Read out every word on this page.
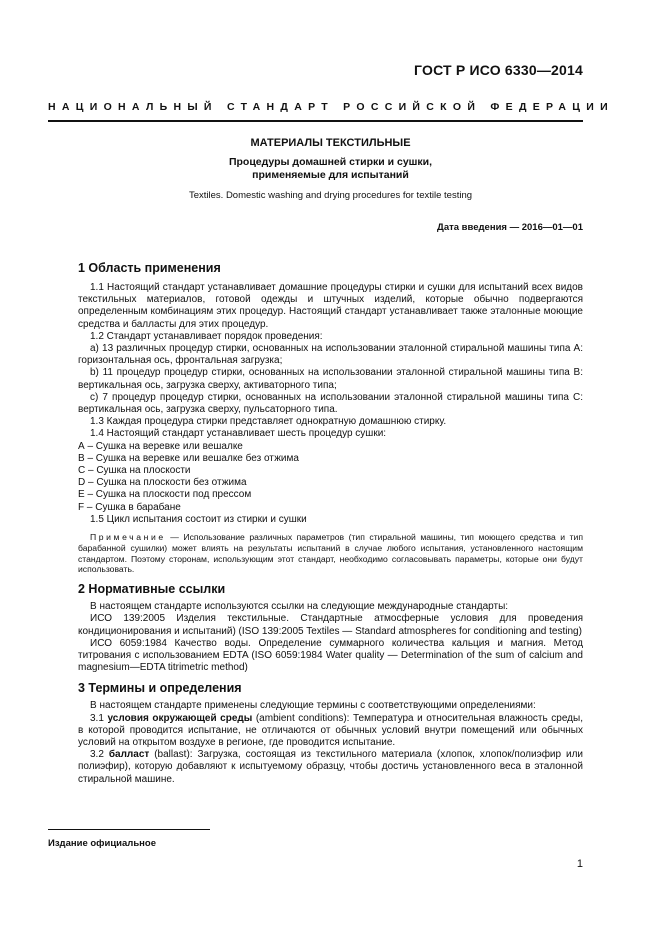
ГОСТ Р ИСО 6330—2014
НАЦИОНАЛЬНЫЙ СТАНДАРТ РОССИЙСКОЙ ФЕДЕРАЦИИ
МАТЕРИАЛЫ ТЕКСТИЛЬНЫЕ
Процедуры домашней стирки и сушки,
применяемые для испытаний
Textiles. Domestic washing and drying procedures for textile testing
Дата введения — 2016—01—01
1 Область применения

1.1 Настоящий стандарт устанавливает домашние процедуры стирки и сушки для испытаний всех видов текстильных материалов, готовой одежды и штучных изделий, которые обычно подвергаются определенным комбинациям этих процедур. Настоящий стандарт устанавливает также эталонные моющие средства и балласты для этих процедур.

1.2 Стандарт устанавливает порядок проведения:

a) 13 различных процедур стирки, основанных на использовании эталонной стиральной машины типа А: горизонтальная ось, фронтальная загрузка;

b) 11 процедур процедур стирки, основанных на использовании эталонной стиральной машины типа В: вертикальная ось, загрузка сверху, активаторного типа;

c) 7 процедур процедур стирки, основанных на использовании эталонной стиральной машины типа С: вертикальная ось, загрузка сверху, пульсаторного типа.

1.3 Каждая процедура стирки представляет однократную домашнюю стирку.

1.4 Настоящий стандарт устанавливает шесть процедур сушки:

А – Сушка на веревке или вешалке

В – Сушка на веревке или вешалке без отжима

С – Сушка на плоскости

D – Сушка на плоскости без отжима

Е – Сушка на плоскости под прессом

F – Сушка в барабане

1.5 Цикл испытания состоит из стирки и сушки

Примечание — Использование различных параметров (тип стиральной машины, тип моющего средства и тип барабанной сушилки) может влиять на результаты испытаний в случае любого испытания, установленного настоящим стандартом. Поэтому сторонам, использующим этот стандарт, необходимо согласовывать параметры, которые они будут использовать.

2 Нормативные ссылки

В настоящем стандарте используются ссылки на следующие международные стандарты:

ИСО 139:2005 Изделия текстильные. Стандартные атмосферные условия для проведения кондиционирования и испытаний) (ISO 139:2005 Textiles — Standard atmospheres for conditioning and testing)

ИСО 6059:1984 Качество воды. Определение суммарного количества кальция и магния. Метод титрования с использованием EDTA (ISO 6059:1984 Water quality — Determination of the sum of calcium and magnesium—EDTA titrimetric method)

3 Термины и определения

В настоящем стандарте применены следующие термины с соответствующими определениями:

3.1 условия окружающей среды (ambient conditions): Температура и относительная влажность среды, в которой проводится испытание, не отличаются от обычных условий внутри помещений или обычных условий на открытом воздухе в регионе, где проводится испытание.

3.2 балласт (ballast): Загрузка, состоящая из текстильного материала (хлопок, хлопок/полиэфир или полиэфир), которую добавляют к испытуемому образцу, чтобы достичь установленного веса в эталонной стиральной машине.

Издание официальное
1
